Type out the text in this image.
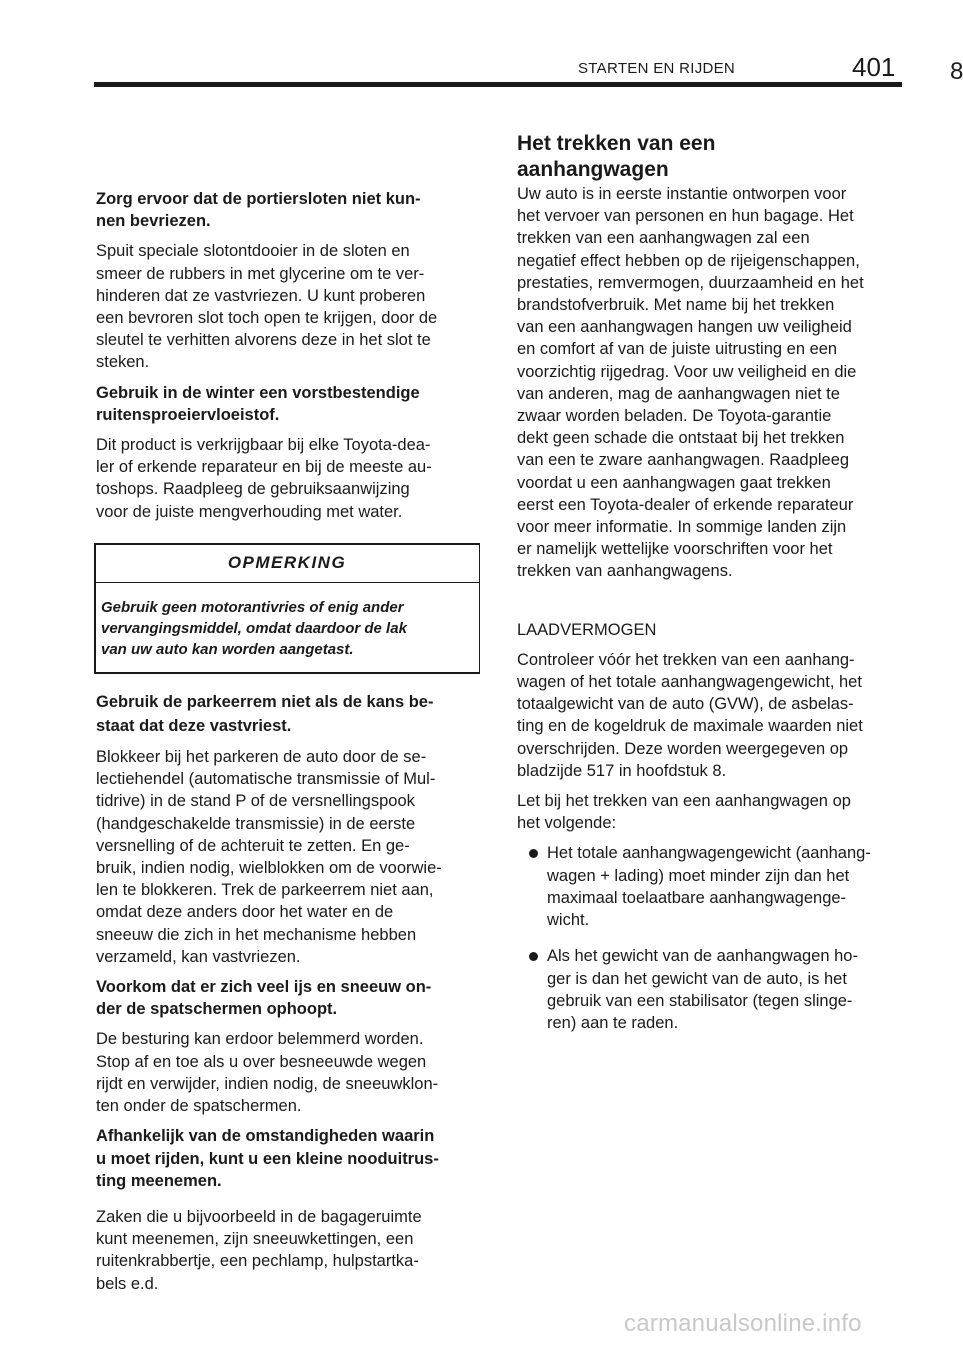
STARTEN EN RIJDEN	401 8

Zorg ervoor dat de portiersloten niet kun-
nen bevriezen.

Spuit speciale slotontdooier in de sloten en
smeer de rubbers in met glycerine om te ver-
hinderen dat ze vastvriezen. U kunt proberen
een bevroren slot toch open te krijgen, door de
sleutel te verhitten alvorens deze in het slot te
steken.

Gebruik in de winter een vorstbestendige
ruitensproeiervloeistof.

Dit product is verkrijgbaar bij elke Toyota-dea-
ler of erkende reparateur en bij de meeste au-
toshops. Raadpleeg de gebruiksaanwijzing
voor de juiste mengverhouding met water.

OPMERKING
Gebruik geen motorantivries of enig ander
vervangingsmiddel, omdat daardoor de lak
van uw auto kan worden aangetast.

Gebruik de parkeerrem niet als de kans be-
staat dat deze vastvriest.

Blokkeer bij het parkeren de auto door de se-
lectiehendel (automatische transmissie of Mul-
tidrive) in de stand P of de versnellingspook
(handgeschakelde transmissie) in de eerste
versnelling of de achteruit te zetten. En ge-
bruik, indien nodig, wielblokken om de voorwie-
len te blokkeren. Trek de parkeerrem niet aan,
omdat deze anders door het water en de
sneeuw die zich in het mechanisme hebben
verzameld, kan vastvriezen.

Voorkom dat er zich veel ijs en sneeuw on-
der de spatschermen ophoopt.

De besturing kan erdoor belemmerd worden.
Stop af en toe als u over besneeuwde wegen
rijdt en verwijder, indien nodig, de sneeuwklon-
ten onder de spatschermen.

Afhankelijk van de omstandigheden waarin
u moet rijden, kunt u een kleine nooduitrus-
ting meenemen.

Zaken die u bijvoorbeeld in de bagageruimte
kunt meenemen, zijn sneeuwkettingen, een
ruitenkrabbertje, een pechlamp, hulpstartka-
bels e.d.

Het trekken van een
aanhangwagen

Uw auto is in eerste instantie ontworpen voor
het vervoer van personen en hun bagage. Het
trekken van een aanhangwagen zal een
negatief effect hebben op de rijeigenschappen,
prestaties, remvermogen, duurzaamheid en het
brandstofverbruik. Met name bij het trekken
van een aanhangwagen hangen uw veiligheid
en comfort af van de juiste uitrusting en een
voorzichtig rijgedrag. Voor uw veiligheid en die
van anderen, mag de aanhangwagen niet te
zwaar worden beladen. De Toyota-garantie
dekt geen schade die ontstaat bij het trekken
van een te zware aanhangwagen. Raadpleeg
voordat u een aanhangwagen gaat trekken
eerst een Toyota-dealer of erkende reparateur
voor meer informatie. In sommige landen zijn
er namelijk wettelijke voorschriften voor het
trekken van aanhangwagens.

LAADVERMOGEN

Controleer vóór het trekken van een aanhang-
wagen of het totale aanhangwagengewicht, het
totaalgewicht van de auto (GVW), de asbelas-
ting en de kogeldruk de maximale waarden niet
overschrijden. Deze worden weergegeven op
bladzijde 517 in hoofdstuk 8.

Let bij het trekken van een aanhangwagen op
het volgende:

Het totale aanhangwagengewicht (aanhang-
wagen + lading) moet minder zijn dan het
maximaal toelaatbare aanhangwagenge-
wicht.

Als het gewicht van de aanhangwagen ho-
ger is dan het gewicht van de auto, is het
gebruik van een stabilisator (tegen slinge-
ren) aan te raden.

carmanualsonline.info
